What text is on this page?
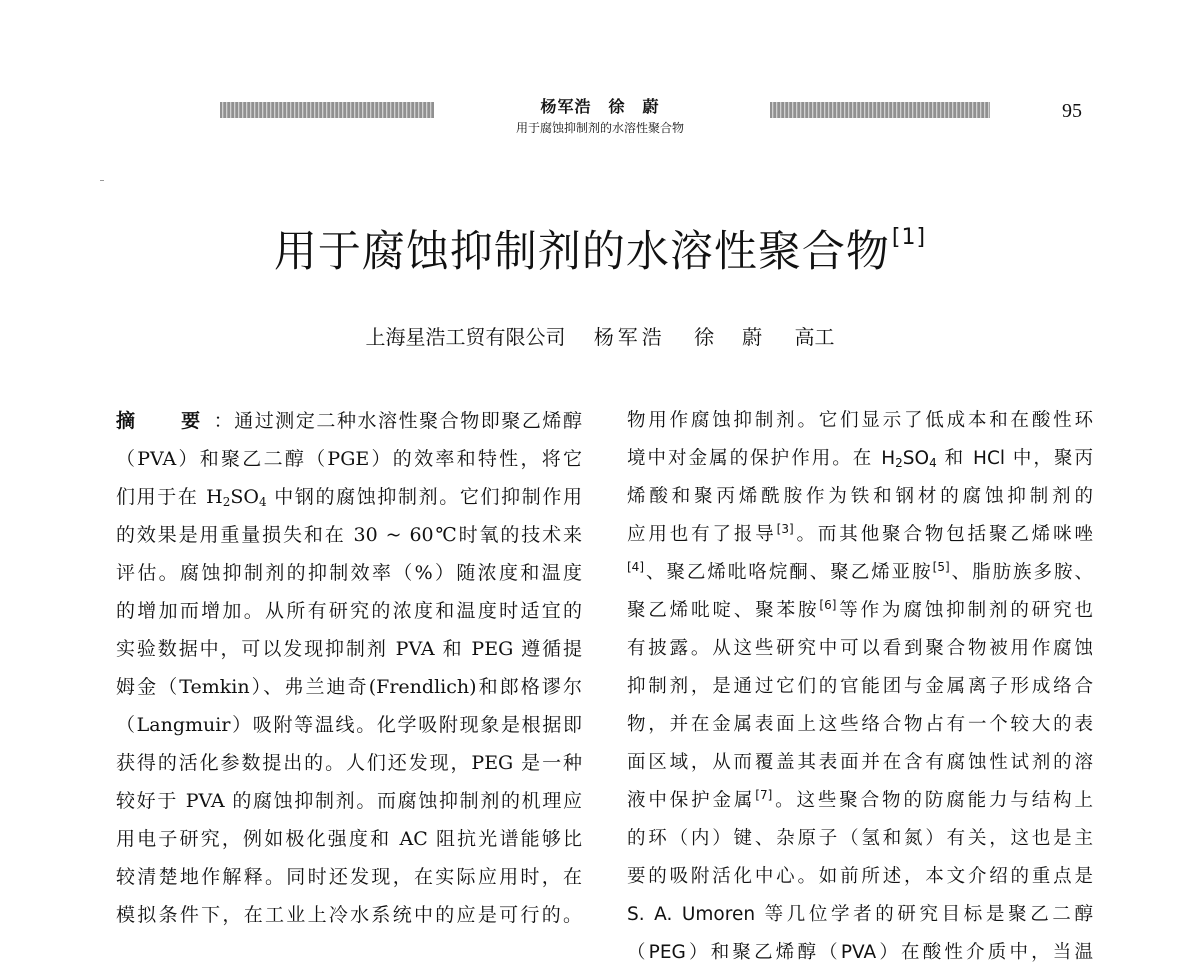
杨军浩　徐　蔚
用于腐蚀抑制剂的水溶性聚合物
95
用于腐蚀抑制剂的水溶性聚合物[1]
上海星浩工贸有限公司 杨军浩 徐　蔚 高工
摘　要：通过测定二种水溶性聚合物即聚乙烯醇
（PVA）和聚乙二醇（PGE）的效率和特性，将它
们用于在 $H_2SO_4$ 中钢的腐蚀抑制剂。它们抑制作用
的效果是用重量损失和在 30 ~ 60℃时氧的技术来
评估。腐蚀抑制剂的抑制效率（%）随浓度和温度
的增加而增加。从所有研究的浓度和温度时适宜的
实验数据中，可以发现抑制剂 PVA 和 PEG 遵循提
姆金（Temkin）、弗兰迪奇(Frendlich)和郎格谬尔
（Langmuir）吸附等温线。化学吸附现象是根据即
获得的活化参数提出的。人们还发现，PEG 是一种
较好于 PVA 的腐蚀抑制剂。而腐蚀抑制剂的机理应
用电子研究，例如极化强度和 AC 阻抗光谱能够比
较清楚地作解释。同时还发现，在实际应用时，在
模拟条件下，在工业上冷水系统中的应是可行的。
物用作腐蚀抑制剂。它们显示了低成本和在酸性环
境中对金属的保护作用。在 $H_2SO_4$ 和 HCl 中，聚丙
烯酸和聚丙烯酰胺作为铁和钢材的腐蚀抑制剂的
应用也有了报导[3]。而其他聚合物包括聚乙烯咪唑
[4]、聚乙烯吡咯烷酮、聚乙烯亚胺[5]、脂肪族多胺、
聚乙烯吡啶、聚苯胺[6]等作为腐蚀抑制剂的研究也
有披露。从这些研究中可以看到聚合物被用作腐蚀
抑制剂，是通过它们的官能团与金属离子形成络合
物，并在金属表面上这些络合物占有一个较大的表
面区域，从而覆盖其表面并在含有腐蚀性试剂的溶
液中保护金属[7]。这些聚合物的防腐能力与结构上
的环（内）键、杂原子（氢和氮）有关，这也是主
要的吸附活化中心。如前所述，本文介绍的重点是
S. A. Umoren 等几位学者的研究目标是聚乙二醇
（PEG）和聚乙烯醇（PVA）在酸性介质中，当温
